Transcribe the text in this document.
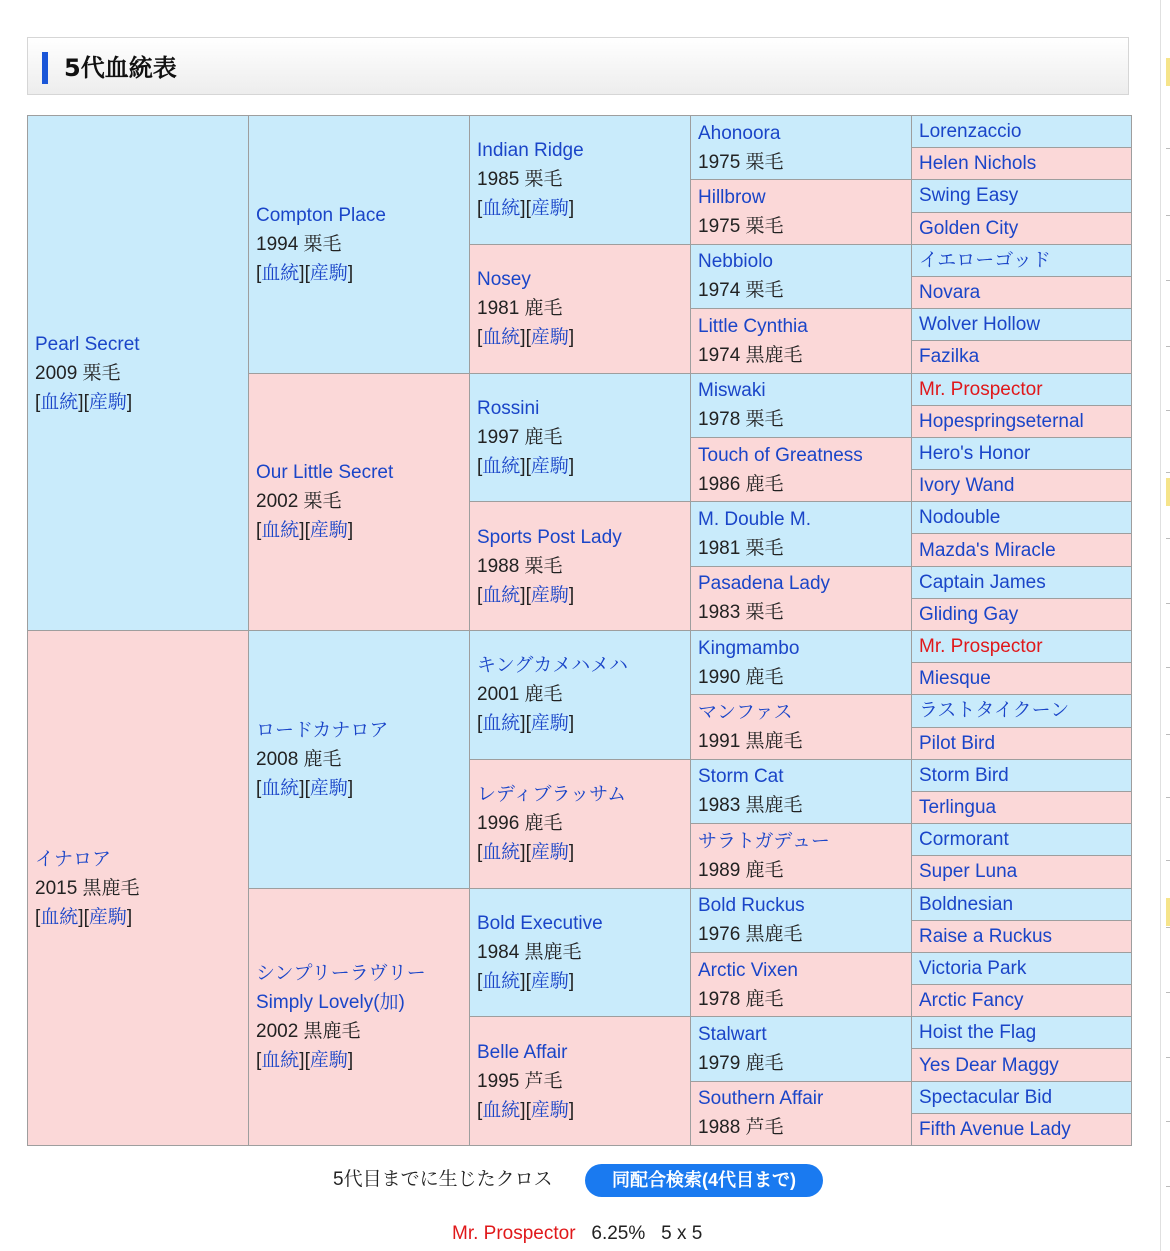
5代血統表
Pearl Secret
2009 栗毛
[血統][産駒]	Compton Place
1994 栗毛
[血統][産駒]	Indian Ridge
1985 栗毛
[血統][産駒]	Ahonoora
1975 栗毛	Lorenzaccio

				Helen Nichols

			Hillbrow
1975 栗毛	Swing Easy

				Golden City

		Nosey
1981 鹿毛
[血統][産駒]	Nebbiolo
1974 栗毛	イエローゴッド

				Novara

			Little Cynthia
1974 黒鹿毛	Wolver Hollow

				Fazilka

	Our Little Secret
2002 栗毛
[血統][産駒]	Rossini
1997 鹿毛
[血統][産駒]	Miswaki
1978 栗毛	Mr. Prospector

				Hopespringseternal

			Touch of Greatness
1986 鹿毛	Hero's Honor

				Ivory Wand

		Sports Post Lady
1988 栗毛
[血統][産駒]	M. Double M.
1981 栗毛	Nodouble

				Mazda's Miracle

			Pasadena Lady
1983 栗毛	Captain James

				Gliding Gay

イナロア
2015 黒鹿毛
[血統][産駒]	ロードカナロア
2008 鹿毛
[血統][産駒]	キングカメハメハ
2001 鹿毛
[血統][産駒]	Kingmambo
1990 鹿毛	Mr. Prospector

				Miesque

			マンファス
1991 黒鹿毛	ラストタイクーン

				Pilot Bird

		レディブラッサム
1996 鹿毛
[血統][産駒]	Storm Cat
1983 黒鹿毛	Storm Bird

				Terlingua

			サラトガデュー
1989 鹿毛	Cormorant

				Super Luna

	シンプリーラヴリー
Simply Lovely(加)
2002 黒鹿毛
[血統][産駒]	Bold Executive
1984 黒鹿毛
[血統][産駒]	Bold Ruckus
1976 黒鹿毛	Boldnesian

				Raise a Ruckus

			Arctic Vixen
1978 鹿毛	Victoria Park

				Arctic Fancy

		Belle Affair
1995 芦毛
[血統][産駒]	Stalwart
1979 鹿毛	Hoist the Flag

				Yes Dear Maggy

			Southern Affair
1988 芦毛	Spectacular Bid

				Fifth Avenue Lady
5代目までに生じたクロス	同配合検索(4代目まで)
Mr. Prospector 6.25% 5 x 5
